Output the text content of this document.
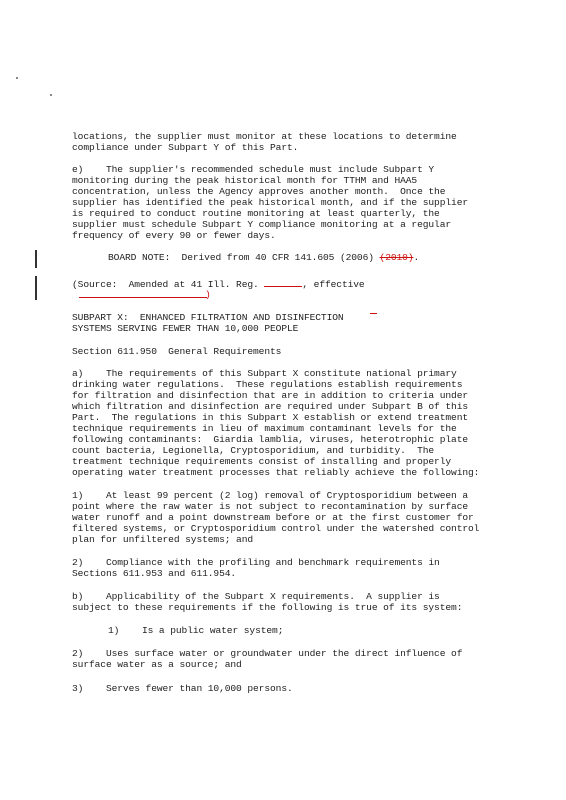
locations, the supplier must monitor at these locations to determine
compliance under Subpart Y of this Part.
e)    The supplier's recommended schedule must include Subpart Y
monitoring during the peak historical month for TTHM and HAA5
concentration, unless the Agency approves another month.  Once the
supplier has identified the peak historical month, and if the supplier
is required to conduct routine monitoring at least quarterly, the
supplier must schedule Subpart Y compliance monitoring at a regular
frequency of every 90 or fewer days.
BOARD NOTE:  Derived from 40 CFR 141.605 (2006) (2010).
(Source:  Amended at 41 Ill. Reg.	, effective
)
SUBPART X:  ENHANCED FILTRATION AND DISINFECTION
SYSTEMS SERVING FEWER THAN 10,000 PEOPLE
Section 611.950  General Requirements
a)    The requirements of this Subpart X constitute national primary
drinking water regulations.  These regulations establish requirements
for filtration and disinfection that are in addition to criteria under
which filtration and disinfection are required under Subpart B of this
Part.  The regulations in this Subpart X establish or extend treatment
technique requirements in lieu of maximum contaminant levels for the
following contaminants:  Giardia lamblia, viruses, heterotrophic plate
count bacteria, Legionella, Cryptosporidium, and turbidity.  The
treatment technique requirements consist of installing and properly
operating water treatment processes that reliably achieve the following:
1)    At least 99 percent (2 log) removal of Cryptosporidium between a
point where the raw water is not subject to recontamination by surface
water runoff and a point downstream before or at the first customer for
filtered systems, or Cryptosporidium control under the watershed control
plan for unfiltered systems; and
2)    Compliance with the profiling and benchmark requirements in
Sections 611.953 and 611.954.
b)    Applicability of the Subpart X requirements.  A supplier is
subject to these requirements if the following is true of its system:
1)    Is a public water system;
2)    Uses surface water or groundwater under the direct influence of
surface water as a source; and
3)    Serves fewer than 10,000 persons.
